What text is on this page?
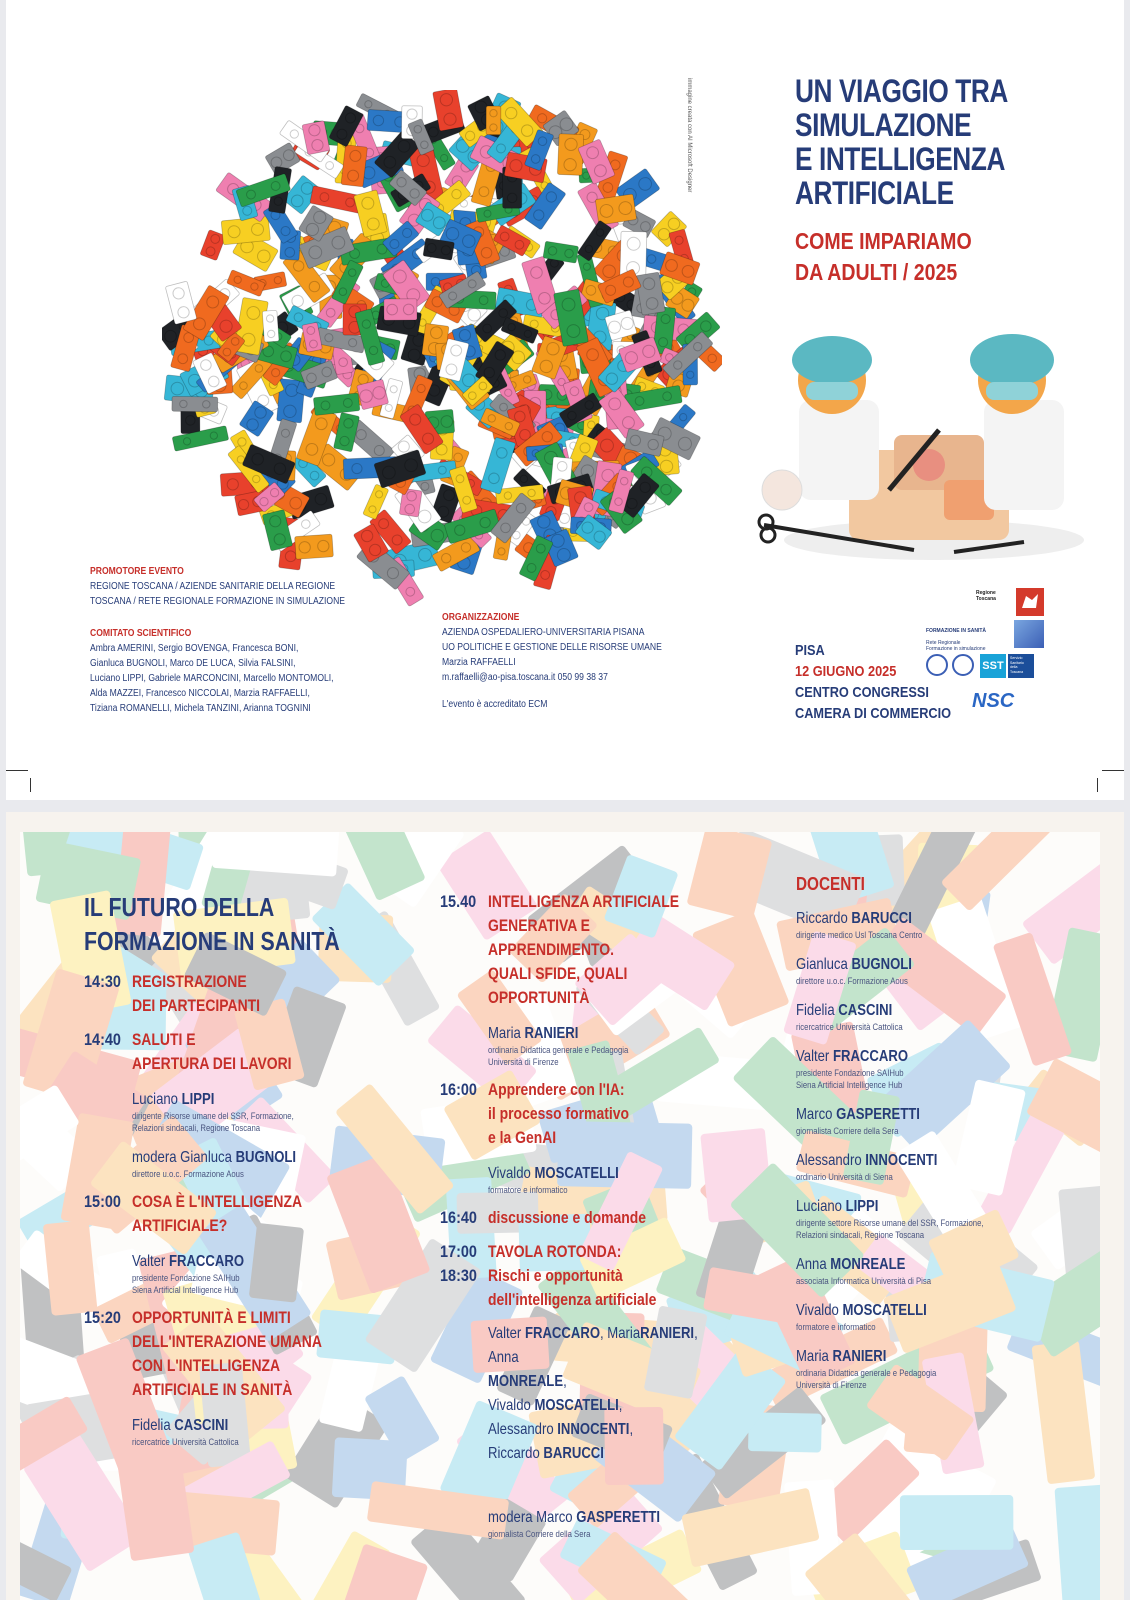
immagine creata con AI Microsoft Designer	UN VIAGGIO TRA
SIMULAZIONE
E INTELLIGENZA
ARTIFICIALE
COME IMPARIAMO
DA ADULTI / 2025
PROMOTORE EVENTO
REGIONE TOSCANA / AZIENDE SANITARIE DELLA REGIONE
TOSCANA / RETE REGIONALE FORMAZIONE IN SIMULAZIONE
COMITATO SCIENTIFICO
Ambra AMERINI, Sergio BOVENGA, Francesca BONI,
Gianluca BUGNOLI, Marco DE LUCA, Silvia FALSINI,
Luciano LIPPI, Gabriele MARCONCINI, Marcello MONTOMOLI,
Alda MAZZEI, Francesco NICCOLAI, Marzia RAFFAELLI,
Tiziana ROMANELLI, Michela TANZINI, Arianna TOGNINI
ORGANIZZAZIONE
AZIENDA OSPEDALIERO-UNIVERSITARIA PISANA
UO POLITICHE E GESTIONE DELLE RISORSE UMANE
Marzia RAFFAELLI
m.raffaelli@ao-pisa.toscana.it 050 99 38 37
L'evento è accreditato ECM
PISA
12 GIUGNO 2025
CENTRO CONGRESSI
CAMERA DI COMMERCIO
Regione Toscana

FORMAZIONE IN SANITÀ

Rete Regionale
Formazione in simulazione

SST
Servizio
Sanitario
della
Toscana
NSC
IL FUTURO DELLA
FORMAZIONE IN SANITÀ
14:30 REGISTRAZIONE
DEI PARTECIPANTI
14:40 SALUTI E
APERTURA DEI LAVORI
Luciano LIPPI
dirigente Risorse umane del SSR, Formazione,
Relazioni sindacali, Regione Toscana
modera Gianluca BUGNOLI
direttore u.o.c. Formazione Aous
15:00 COSA È L'INTELLIGENZA
ARTIFICIALE?
Valter FRACCARO
presidente Fondazione SAIHub
Siena Artificial Intelligence Hub
15:20 OPPORTUNITÀ E LIMITI
DELL'INTERAZIONE UMANA
CON L'INTELLIGENZA
ARTIFICIALE IN SANITÀ
Fidelia CASCINI
ricercatrice Università Cattolica
15.40 INTELLIGENZA ARTIFICIALE
GENERATIVA E
APPRENDIMENTO.
QUALI SFIDE, QUALI
OPPORTUNITÀ
Maria RANIERI
ordinaria Didattica generale e Pedagogia
Università di Firenze
16:00 Apprendere con l'IA:
il processo formativo
e la GenAI
Vivaldo MOSCATELLI
formatore e informatico
16:40 discussione e domande
17:00
18:30
TAVOLA ROTONDA:
Rischi e opportunità
dell'intelligenza artificiale
Valter FRACCARO, MariaRANIERI, Anna
MONREALE,
Vivaldo MOSCATELLI,
Alessandro INNOCENTI,
Riccardo BARUCCI

modera Marco GASPERETTI

giornalista Corriere della Sera
DOCENTI
Riccardo BARUCCI
dirigente medico Usl Toscana Centro
Gianluca BUGNOLI
direttore u.o.c. Formazione Aous
Fidelia CASCINI
ricercatrice Università Cattolica
Valter FRACCARO
presidente Fondazione SAIHub
Siena Artificial Intelligence Hub
Marco GASPERETTI
giornalista Corriere della Sera
Alessandro INNOCENTI
ordinario Università di Siena
Luciano LIPPI
dirigente settore Risorse umane del SSR, Formazione,
Relazioni sindacali, Regione Toscana
Anna MONREALE
associata Informatica Università di Pisa
Vivaldo MOSCATELLI
formatore e informatico
Maria RANIERI
ordinaria Didattica generale e Pedagogia
Università di Firenze
